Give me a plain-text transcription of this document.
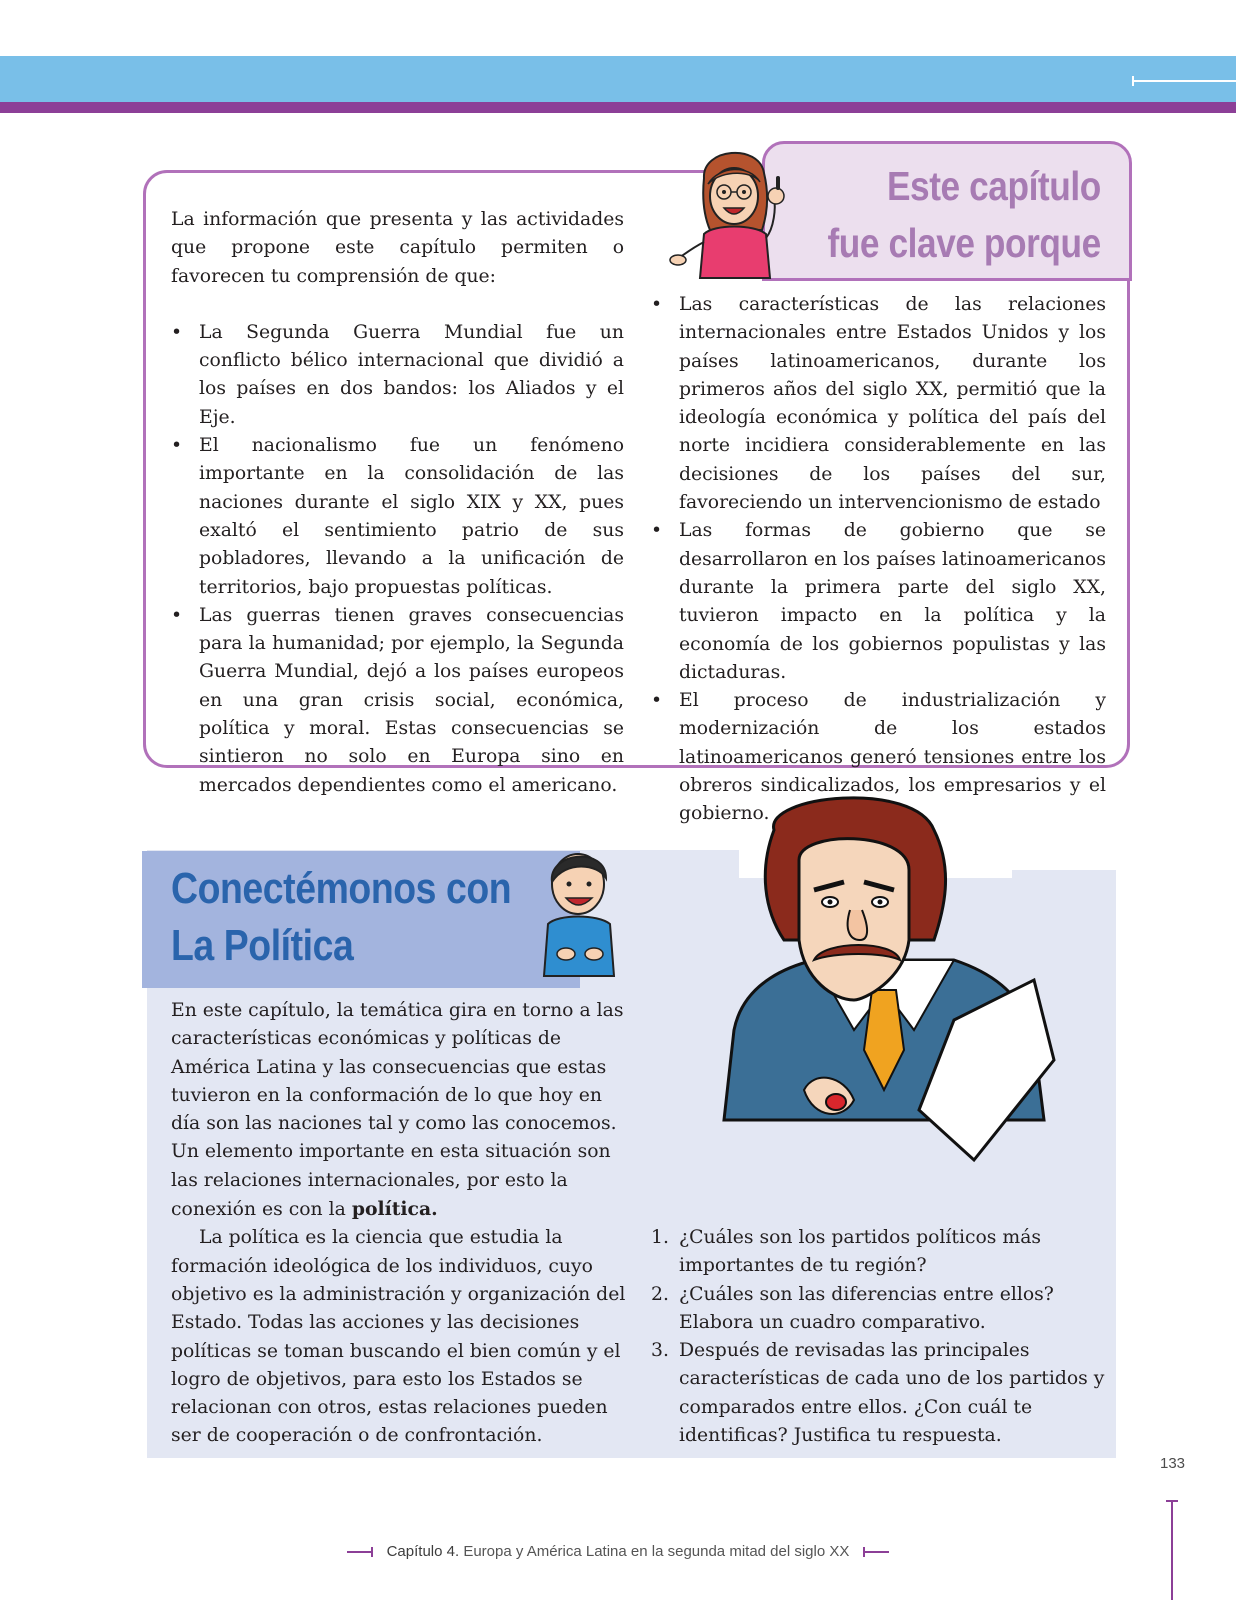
Este capítulo
fue clave porque

La información que presenta y las actividades que propone este capítulo permiten o favorecen tu comprensión de que:

• La Segunda Guerra Mundial fue un conflicto bélico internacional que dividió a los países en dos bandos: los Aliados y el Eje.
• El nacionalismo fue un fenómeno importante en la consolidación de las naciones durante el siglo XIX y XX, pues exaltó el sentimiento patrio de sus pobladores, llevando a la unificación de territorios, bajo propuestas políticas.
• Las guerras tienen graves consecuencias para la humanidad; por ejemplo, la Segunda Guerra Mundial, dejó a los países europeos en una gran crisis social, económica, política y moral. Estas consecuencias se sintieron no solo en Europa sino en mercados dependientes como el americano.
• Las características de las relaciones internacionales entre Estados Unidos y los países latinoamericanos, durante los primeros años del siglo XX, permitió que la ideología económica y política del país del norte incidiera considerablemente en las decisiones de los países del sur, favoreciendo un intervencionismo de estado
• Las formas de gobierno que se desarrollaron en los países latinoamericanos durante la primera parte del siglo XX, tuvieron impacto en la política y la economía de los gobiernos populistas y las dictaduras.
• El proceso de industrialización y modernización de los estados latinoamericanos generó tensiones entre los obreros sindicalizados, los empresarios y el gobierno.
Conectémonos con
La Política

En este capítulo, la temática gira en torno a las características económicas y políticas de América Latina y las consecuencias que estas tuvieron en la conformación de lo que hoy en día son las naciones tal y como las conocemos. Un elemento importante en esta situación son las relaciones internacionales, por esto la conexión es con la política.

La política es la ciencia que estudia la formación ideológica de los individuos, cuyo objetivo es la administración y organización del Estado. Todas las acciones y las decisiones políticas se toman buscando el bien común y el logro de objetivos, para esto los Estados se relacionan con otros, estas relaciones pueden ser de cooperación o de confrontación.

1. ¿Cuáles son los partidos políticos más importantes de tu región?
2. ¿Cuáles son las diferencias entre ellos? Elabora un cuadro comparativo.
3. Después de revisadas las principales características de cada uno de los partidos y comparados entre ellos. ¿Con cuál te identificas? Justifica tu respuesta.
133
Capítulo 4. Europa y América Latina en la segunda mitad del siglo XX
